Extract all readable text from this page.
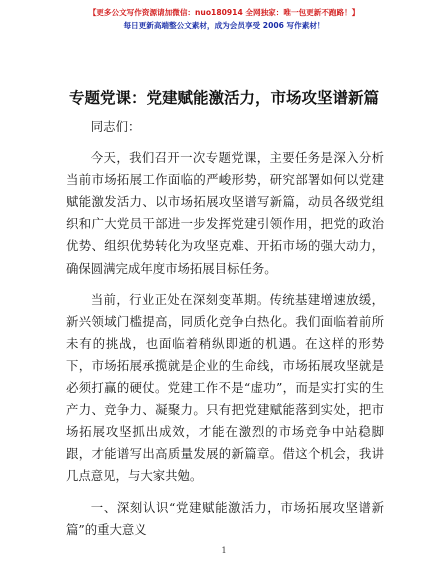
【更多公文写作资源请加微信：nuo180914 全网独家：唯一包更新不跑路！】
每日更新高端整公文素材，成为会员享受 2006 写作素材！
专题党课：党建赋能激活力，市场攻坚谱新篇

同志们：

今天，我们召开一次专题党课，主要任务是深入分析当前市场拓展工作面临的严峻形势，研究部署如何以党建赋能激发活力、以市场拓展攻坚谱写新篇，动员各级党组织和广大党员干部进一步发挥党建引领作用，把党的政治优势、组织优势转化为攻坚克难、开拓市场的强大动力，确保圆满完成年度市场拓展目标任务。

当前，行业正处在深刻变革期。传统基建增速放缓，新兴领域门槛提高，同质化竞争白热化。我们面临着前所未有的挑战，也面临着稍纵即逝的机遇。在这样的形势下，市场拓展承揽就是企业的生命线，市场拓展攻坚就是必须打赢的硬仗。党建工作不是“虚功”，而是实打实的生产力、竞争力、凝聚力。只有把党建赋能落到实处，把市场拓展攻坚抓出成效，才能在激烈的市场竞争中站稳脚跟，才能谱写出高质量发展的新篇章。借这个机会，我讲几点意见，与大家共勉。

一、深刻认识“党建赋能激活力，市场拓展攻坚谱新篇”的重大意义

1
